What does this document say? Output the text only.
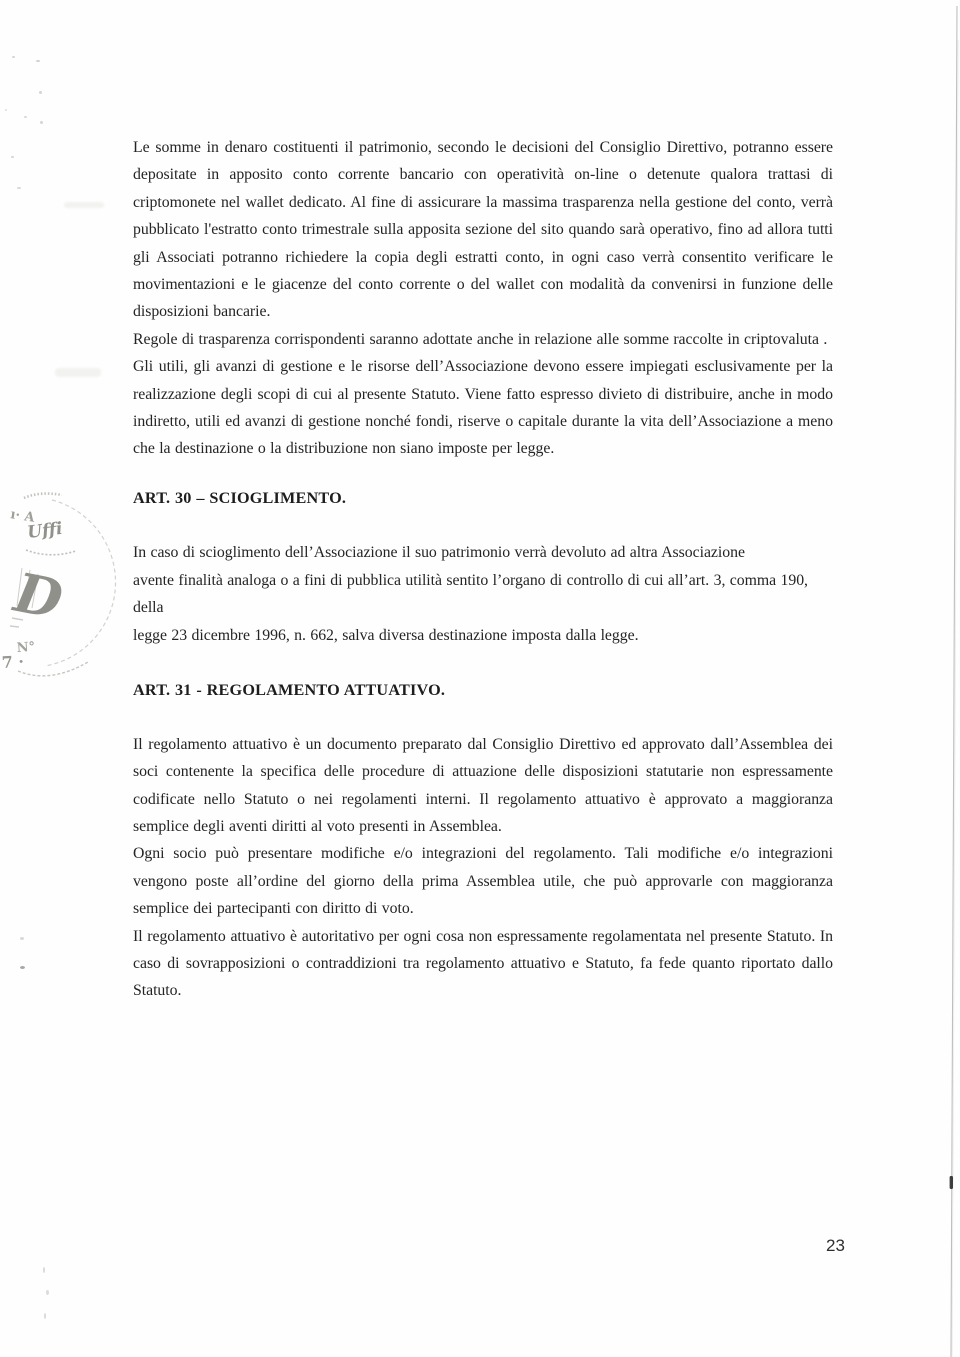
ı· A
Uffi
D
N°
7 ·

Le somme in denaro costituenti il patrimonio, secondo le decisioni del Consiglio Direttivo, potranno essere depositate in apposito conto corrente bancario con operatività on-line o detenute qualora trattasi di criptomonete nel wallet dedicato. Al fine di assicurare la massima trasparenza nella gestione del conto, verrà pubblicato l'estratto conto trimestrale sulla apposita sezione del sito quando sarà operativo, fino ad allora tutti gli Associati potranno richiedere la copia degli estratti conto, in ogni caso verrà consentito verificare le movimentazioni e le giacenze del conto corrente o del wallet con modalità da convenirsi in funzione delle disposizioni bancarie.

Regole di trasparenza corrispondenti saranno adottate anche in relazione alle somme raccolte in criptovaluta .

Gli utili, gli avanzi di gestione e le risorse dell’Associazione devono essere impiegati esclusivamente per la realizzazione degli scopi di cui al presente Statuto. Viene fatto espresso divieto di distribuire, anche in modo indiretto, utili ed avanzi di gestione nonché fondi, riserve o capitale durante la vita dell’Associazione a meno che la destinazione o la distribuzione non siano imposte per legge.

ART. 30 – SCIOGLIMENTO.

In caso di scioglimento dell’Associazione il suo patrimonio verrà devoluto ad altra Associazione
avente finalità analoga o a fini di pubblica utilità sentito l’organo di controllo di cui all’art. 3, comma 190, della
legge 23 dicembre 1996, n. 662, salva diversa destinazione imposta dalla legge.

ART. 31 - REGOLAMENTO ATTUATIVO.

Il regolamento attuativo è un documento preparato dal Consiglio Direttivo ed approvato dall’Assemblea dei soci contenente la specifica delle procedure di attuazione delle disposizioni statutarie non espressamente codificate nello Statuto o nei regolamenti interni. Il regolamento attuativo è approvato a maggioranza semplice degli aventi diritti al voto presenti in Assemblea.

Ogni socio può presentare modifiche e/o integrazioni del regolamento. Tali modifiche e/o integrazioni vengono poste all’ordine del giorno della prima Assemblea utile, che può approvarle con maggioranza semplice dei partecipanti con diritto di voto.

Il regolamento attuativo è autoritativo per ogni cosa non espressamente regolamentata nel presente Statuto. In caso di sovrapposizioni o contraddizioni tra regolamento attuativo e Statuto, fa fede quanto riportato dallo Statuto.

23
